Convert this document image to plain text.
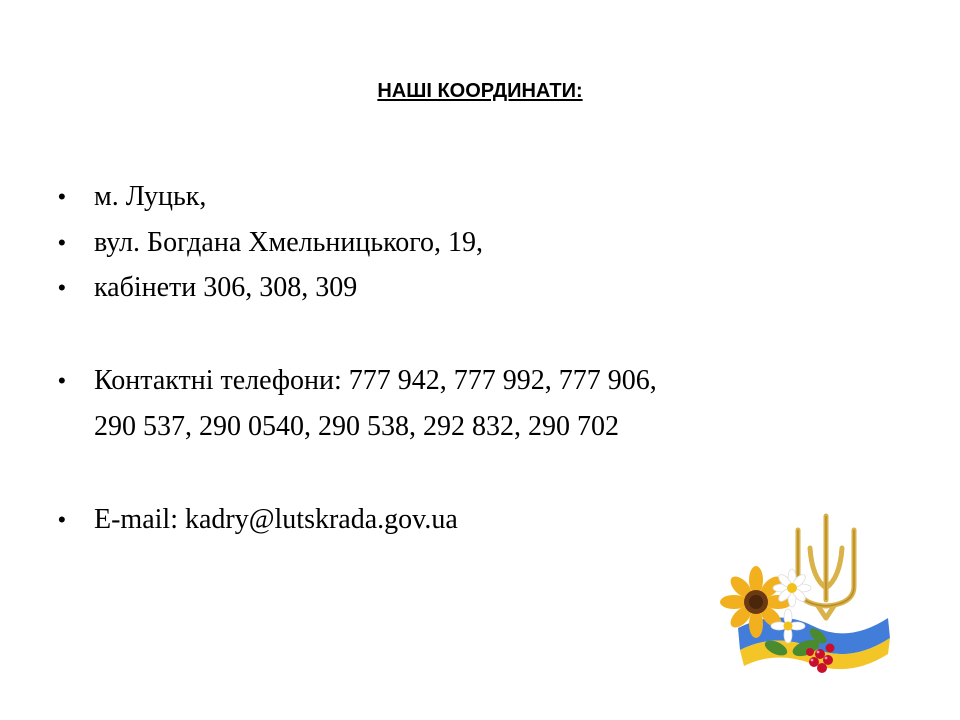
НАШІ КООРДИНАТИ:
•	м. Луцьк,
•	вул. Богдана Хмельницького, 19,
•	кабінети 306, 308, 309
•	Контактні телефони: 777 942, 777 992, 777 906,
290 537, 290 0540, 290 538, 292 832, 290 702
•	E-mail: kadry@lutskrada.gov.ua
